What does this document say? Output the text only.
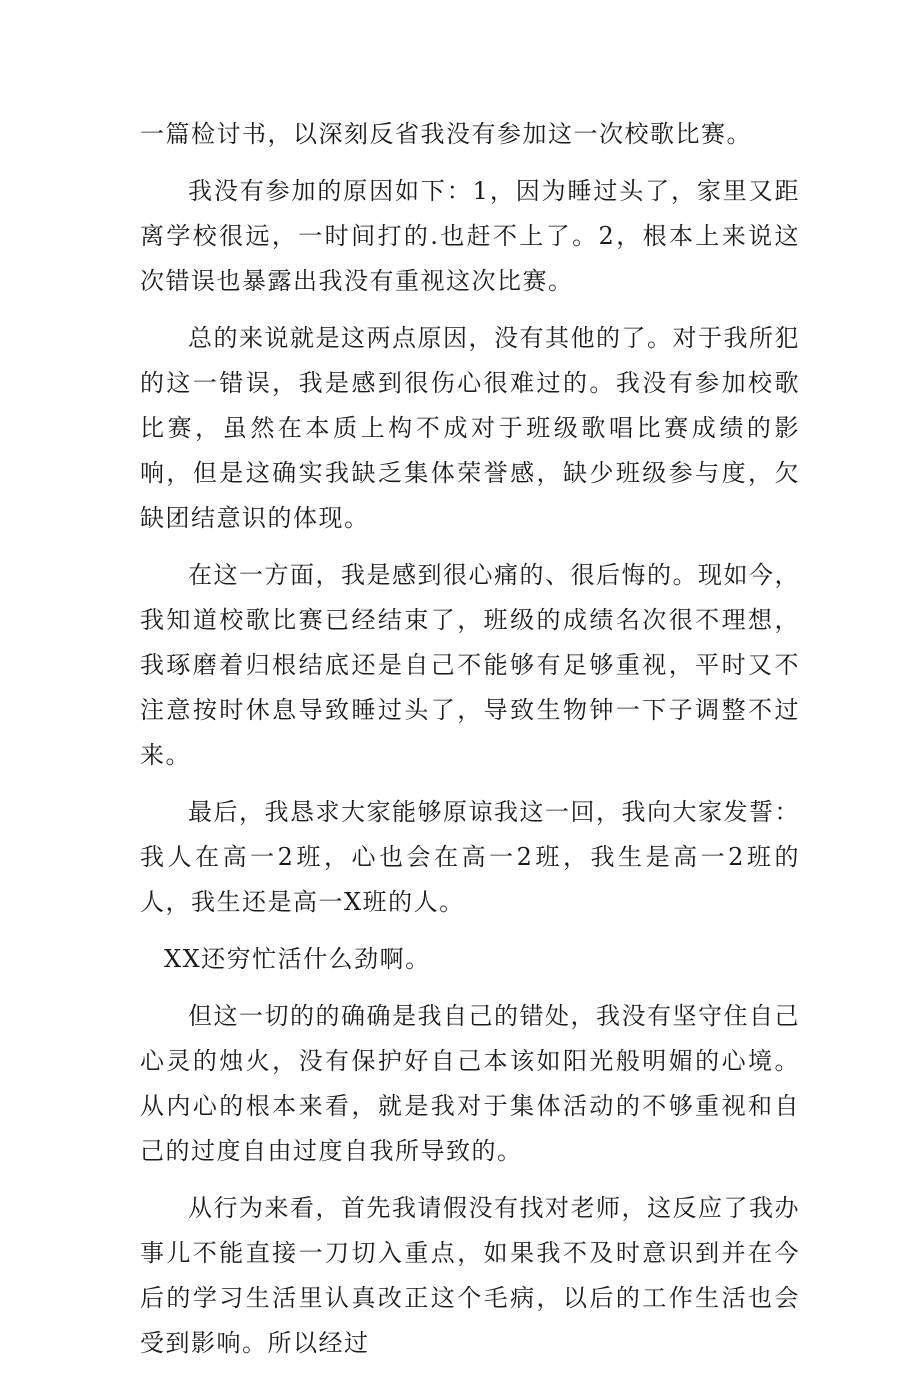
一篇检讨书，以深刻反省我没有参加这一次校歌比赛。

我没有参加的原因如下：1，因为睡过头了，家里又距离学校很远，一时间打的.也赶不上了。2，根本上来说这次错误也暴露出我没有重视这次比赛。

总的来说就是这两点原因，没有其他的了。对于我所犯的这一错误，我是感到很伤心很难过的。我没有参加校歌比赛，虽然在本质上构不成对于班级歌唱比赛成绩的影响，但是这确实我缺乏集体荣誉感，缺少班级参与度，欠缺团结意识的体现。

在这一方面，我是感到很心痛的、很后悔的。现如今，我知道校歌比赛已经结束了，班级的成绩名次很不理想，我琢磨着归根结底还是自己不能够有足够重视，平时又不注意按时休息导致睡过头了，导致生物钟一下子调整不过来。

最后，我恳求大家能够原谅我这一回，我向大家发誓：我人在高一2班，心也会在高一2班，我生是高一2班的人，我生还是高一X班的人。

XX还穷忙活什么劲啊。

但这一切的的确确是我自己的错处，我没有坚守住自己心灵的烛火，没有保护好自己本该如阳光般明媚的心境。从内心的根本来看，就是我对于集体活动的不够重视和自己的过度自由过度自我所导致的。

从行为来看，首先我请假没有找对老师，这反应了我办事儿不能直接一刀切入重点，如果我不及时意识到并在今后的学习生活里认真改正这个毛病，以后的工作生活也会受到影响。所以经过
